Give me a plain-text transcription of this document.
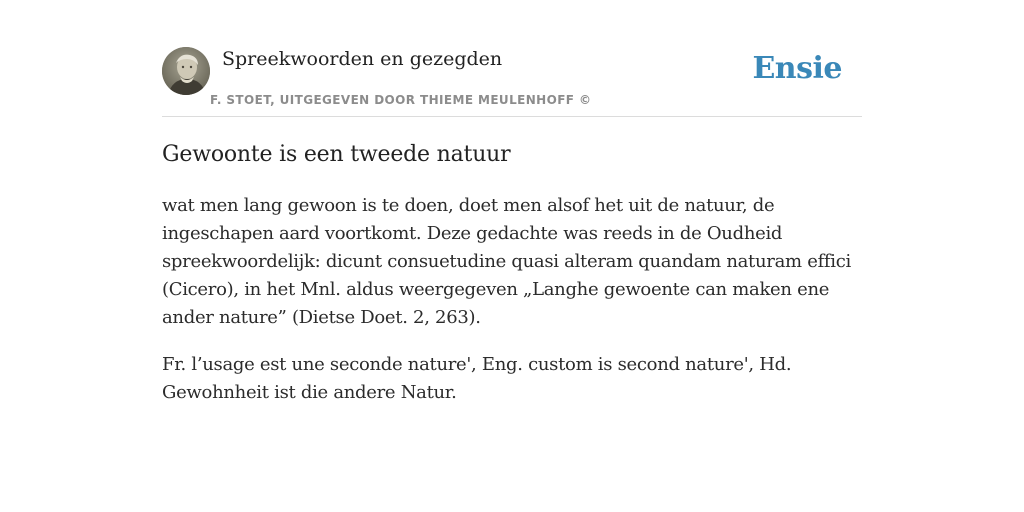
Spreekwoorden en gezegden
F. STOET, UITGEGEVEN DOOR THIEME MEULENHOFF ©
Ensie
Gewoonte is een tweede natuur

wat men lang gewoon is te doen, doet men alsof het uit de natuur, de ingeschapen aard voortkomt. Deze gedachte was reeds in de Oudheid spreekwoordelijk: dicunt consuetudine quasi alteram quandam naturam effici (Cicero), in het Mnl. aldus weergegeven „Langhe gewoente can maken ene ander nature” (Dietse Doet. 2, 263).

Fr. l’usage est une seconde nature', Eng. custom is second nature', Hd. Gewohnheit ist die andere Natur.
